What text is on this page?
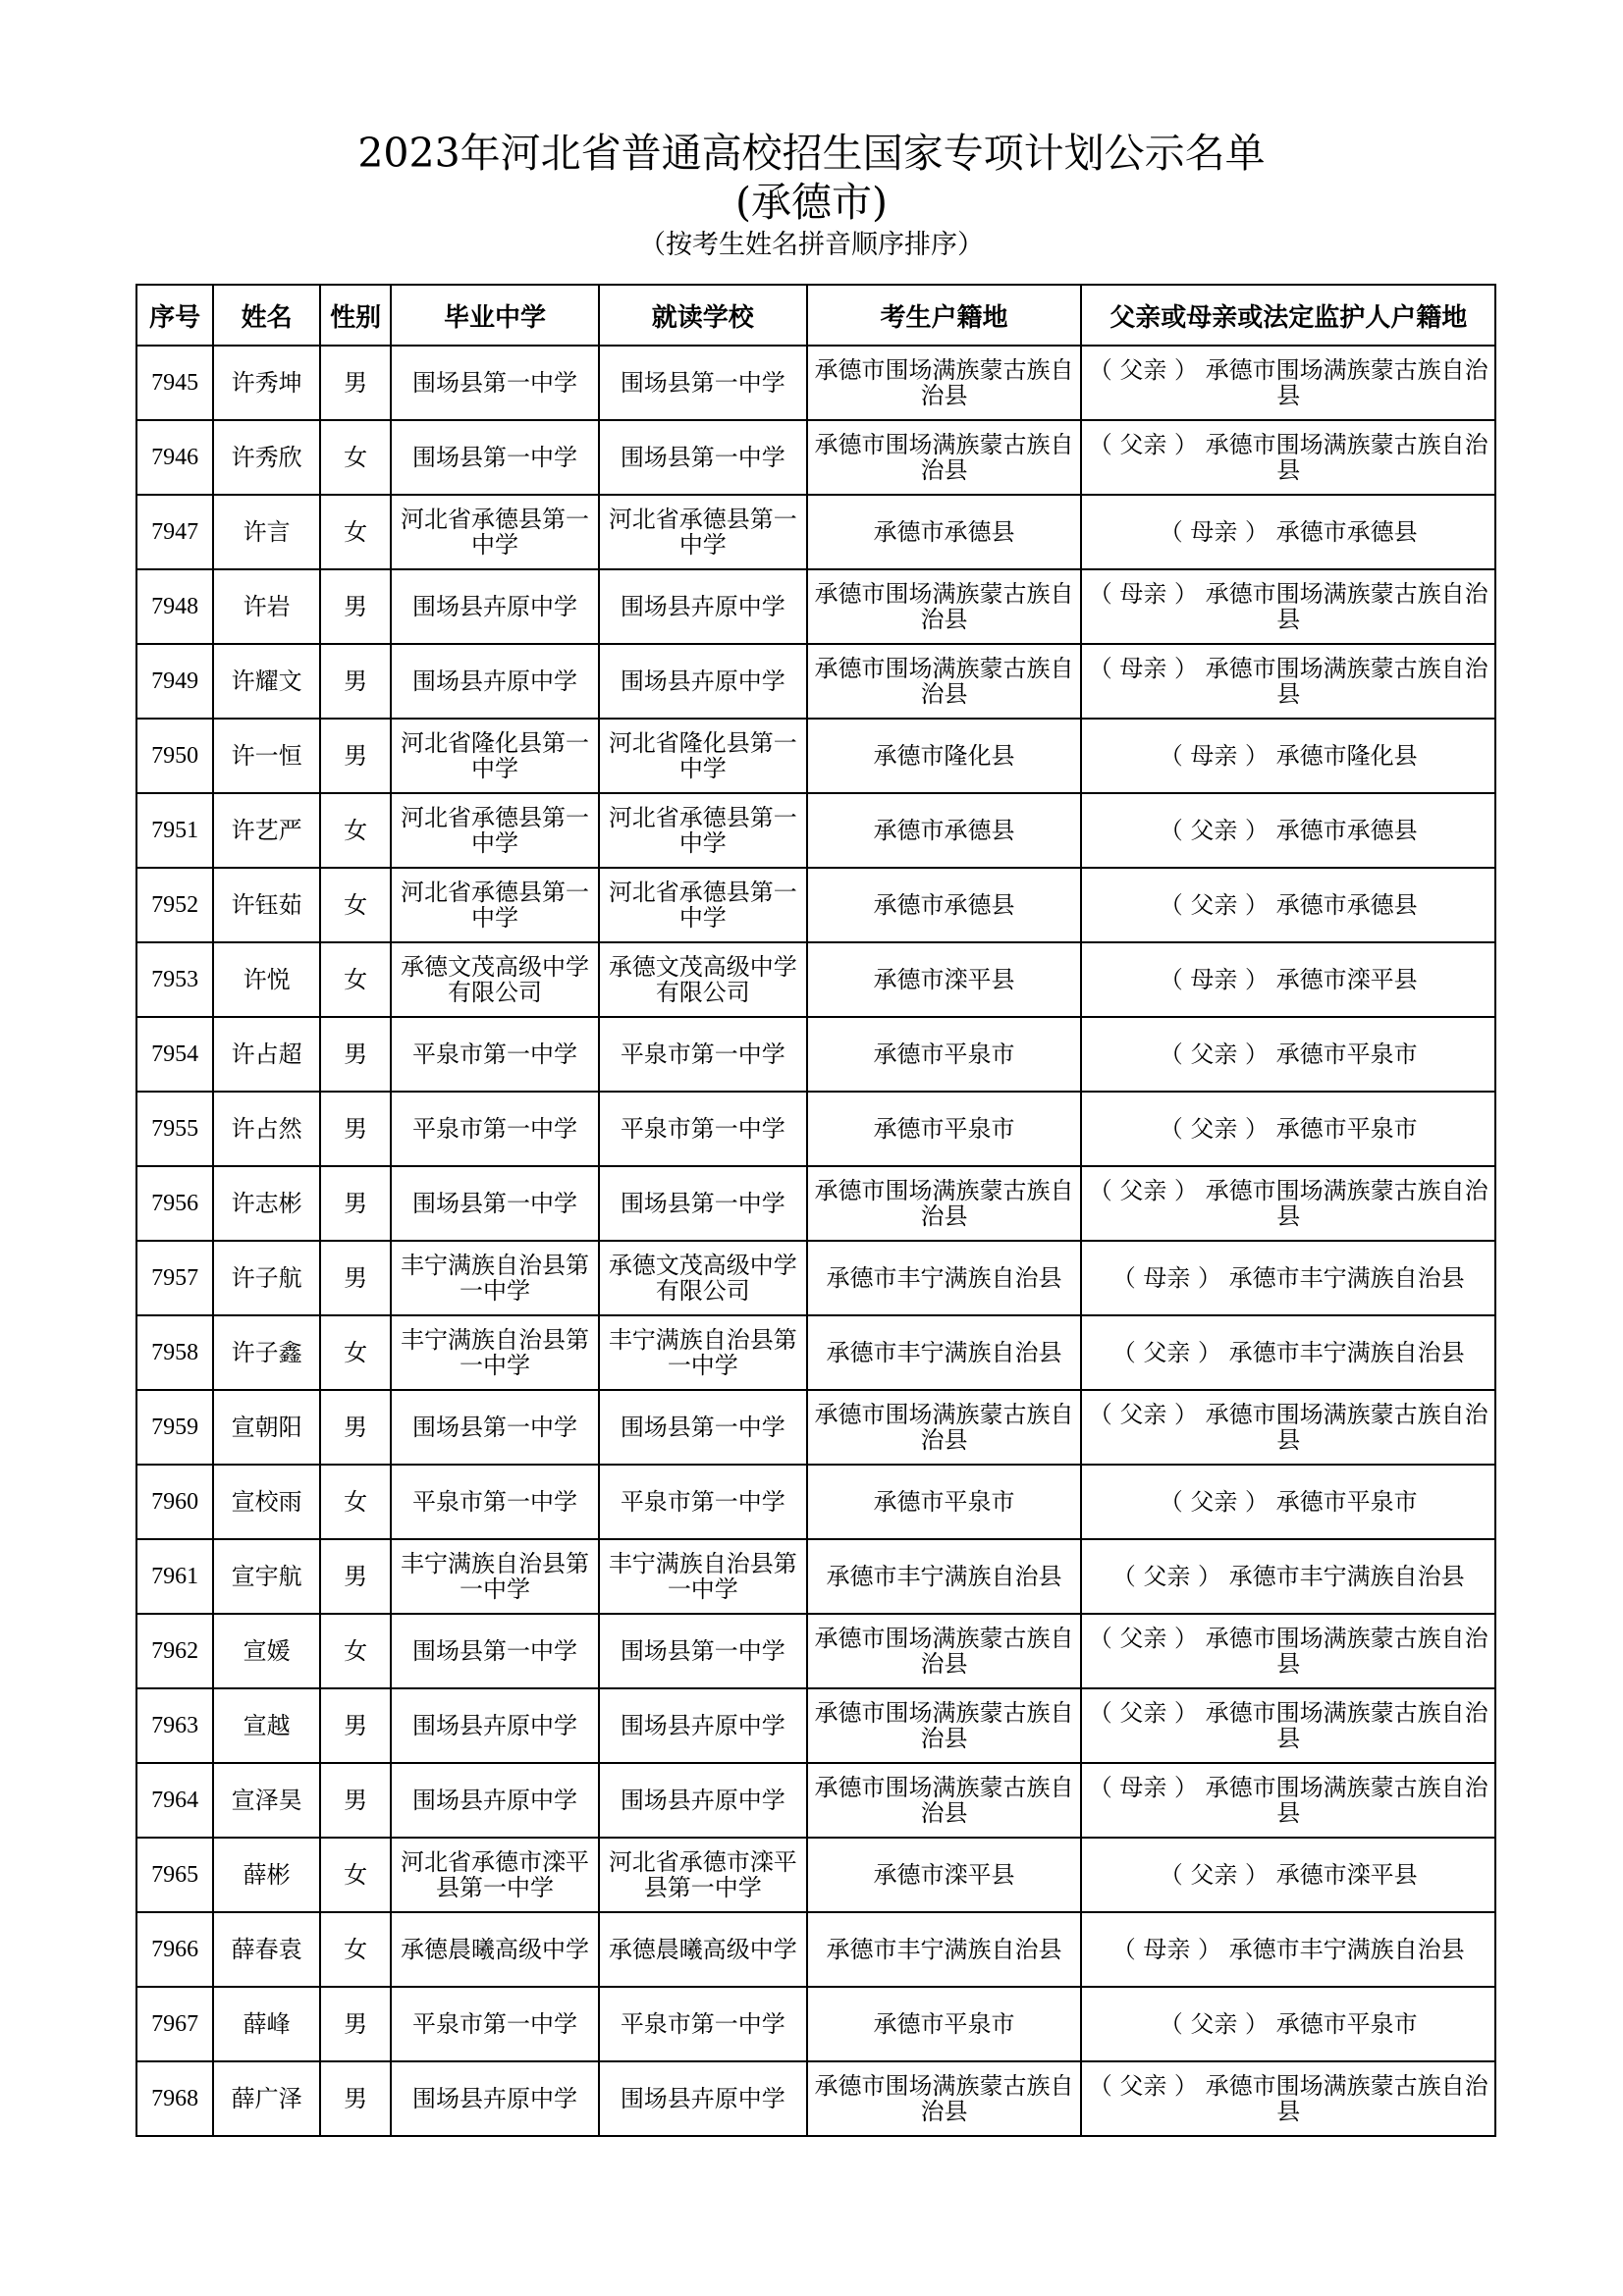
2023年河北省普通高校招生国家专项计划公示名单
(承德市)
（按考生姓名拼音顺序排序）
序号	姓名	性别	毕业中学	就读学校	考生户籍地	父亲或母亲或法定监护人户籍地
7945	许秀坤	男	围场县第一中学	围场县第一中学	承德市围场满族蒙古族自治县	（ 父亲 ） 承德市围场满族蒙古族自治县
7946	许秀欣	女	围场县第一中学	围场县第一中学	承德市围场满族蒙古族自治县	（ 父亲 ） 承德市围场满族蒙古族自治县
7947	许言	女	河北省承德县第一中学	河北省承德县第一中学	承德市承德县	（ 母亲 ） 承德市承德县
7948	许岩	男	围场县卉原中学	围场县卉原中学	承德市围场满族蒙古族自治县	（ 母亲 ） 承德市围场满族蒙古族自治县
7949	许耀文	男	围场县卉原中学	围场县卉原中学	承德市围场满族蒙古族自治县	（ 母亲 ） 承德市围场满族蒙古族自治县
7950	许一恒	男	河北省隆化县第一中学	河北省隆化县第一中学	承德市隆化县	（ 母亲 ） 承德市隆化县
7951	许艺严	女	河北省承德县第一中学	河北省承德县第一中学	承德市承德县	（ 父亲 ） 承德市承德县
7952	许钰茹	女	河北省承德县第一中学	河北省承德县第一中学	承德市承德县	（ 父亲 ） 承德市承德县
7953	许悦	女	承德文茂高级中学有限公司	承德文茂高级中学有限公司	承德市滦平县	（ 母亲 ） 承德市滦平县
7954	许占超	男	平泉市第一中学	平泉市第一中学	承德市平泉市	（ 父亲 ） 承德市平泉市
7955	许占然	男	平泉市第一中学	平泉市第一中学	承德市平泉市	（ 父亲 ） 承德市平泉市
7956	许志彬	男	围场县第一中学	围场县第一中学	承德市围场满族蒙古族自治县	（ 父亲 ） 承德市围场满族蒙古族自治县
7957	许子航	男	丰宁满族自治县第一中学	承德文茂高级中学有限公司	承德市丰宁满族自治县	（ 母亲 ） 承德市丰宁满族自治县
7958	许子鑫	女	丰宁满族自治县第一中学	丰宁满族自治县第一中学	承德市丰宁满族自治县	（ 父亲 ） 承德市丰宁满族自治县
7959	宣朝阳	男	围场县第一中学	围场县第一中学	承德市围场满族蒙古族自治县	（ 父亲 ） 承德市围场满族蒙古族自治县
7960	宣校雨	女	平泉市第一中学	平泉市第一中学	承德市平泉市	（ 父亲 ） 承德市平泉市
7961	宣宇航	男	丰宁满族自治县第一中学	丰宁满族自治县第一中学	承德市丰宁满族自治县	（ 父亲 ） 承德市丰宁满族自治县
7962	宣媛	女	围场县第一中学	围场县第一中学	承德市围场满族蒙古族自治县	（ 父亲 ） 承德市围场满族蒙古族自治县
7963	宣越	男	围场县卉原中学	围场县卉原中学	承德市围场满族蒙古族自治县	（ 父亲 ） 承德市围场满族蒙古族自治县
7964	宣泽昊	男	围场县卉原中学	围场县卉原中学	承德市围场满族蒙古族自治县	（ 母亲 ） 承德市围场满族蒙古族自治县
7965	薛彬	女	河北省承德市滦平县第一中学	河北省承德市滦平县第一中学	承德市滦平县	（ 父亲 ） 承德市滦平县
7966	薛春袁	女	承德晨曦高级中学	承德晨曦高级中学	承德市丰宁满族自治县	（ 母亲 ） 承德市丰宁满族自治县
7967	薛峰	男	平泉市第一中学	平泉市第一中学	承德市平泉市	（ 父亲 ） 承德市平泉市
7968	薛广泽	男	围场县卉原中学	围场县卉原中学	承德市围场满族蒙古族自治县	（ 父亲 ） 承德市围场满族蒙古族自治县
